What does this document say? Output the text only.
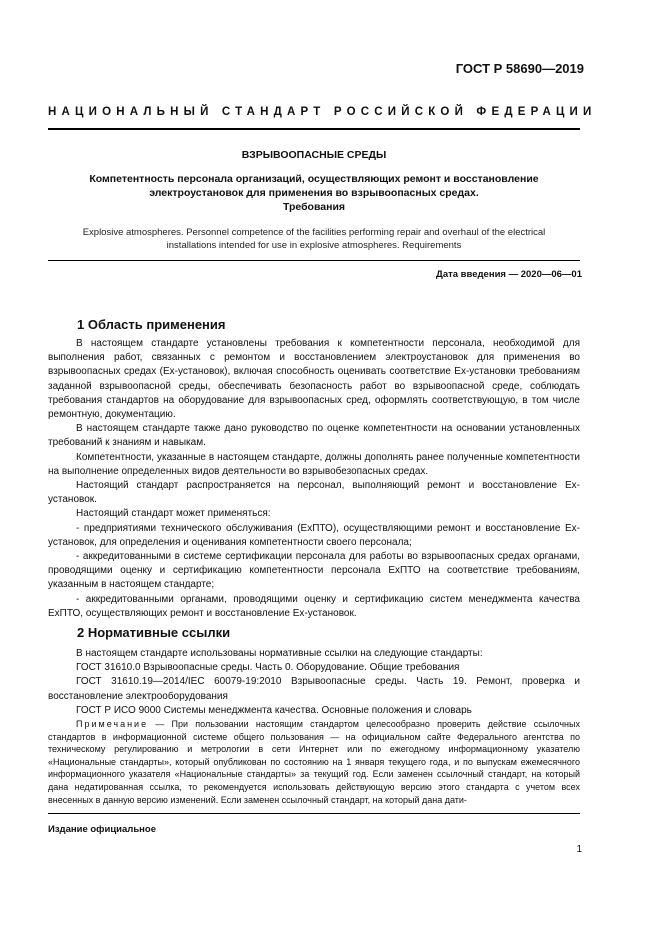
ГОСТ Р 58690—2019
НАЦИОНАЛЬНЫЙ СТАНДАРТ РОССИЙСКОЙ ФЕДЕРАЦИИ
ВЗРЫВООПАСНЫЕ СРЕДЫ
Компетентность персонала организаций, осуществляющих ремонт и восстановление
электроустановок для применения во взрывоопасных средах.
Требования
Explosive atmospheres. Personnel competence of the facilities performing repair and overhaul of the electrical
installations intended for use in explosive atmospheres. Requirements
Дата введения — 2020—06—01
1 Область применения

В настоящем стандарте установлены требования к компетентности персонала, необходимой для выполнения работ, связанных с ремонтом и восстановлением электроустановок для применения во взрывоопасных средах (Ex-установок), включая способность оценивать соответствие Ex-установки требованиям заданной взрывоопасной среды, обеспечивать безопасность работ во взрывоопасной среде, соблюдать требования стандартов на оборудование для взрывоопасных сред, оформлять соответствующую, в том числе ремонтную, документацию.

В настоящем стандарте также дано руководство по оценке компетентности на основании установленных требований к знаниям и навыкам.

Компетентности, указанные в настоящем стандарте, должны дополнять ранее полученные компетентности на выполнение определенных видов деятельности во взрывобезопасных средах.

Настоящий стандарт распространяется на персонал, выполняющий ремонт и восстановление Ex-установок.

Настоящий стандарт может применяться:

- предприятиями технического обслуживания (ExПТО), осуществляющими ремонт и восстановление Ex-установок, для определения и оценивания компетентности своего персонала;

- аккредитованными в системе сертификации персонала для работы во взрывоопасных средах органами, проводящими оценку и сертификацию компетентности персонала ExПТО на соответствие требованиям, указанным в настоящем стандарте;

- аккредитованными органами, проводящими оценку и сертификацию систем менеджмента качества ExПТО, осуществляющих ремонт и восстановление Ex-установок.

2 Нормативные ссылки

В настоящем стандарте использованы нормативные ссылки на следующие стандарты:

ГОСТ 31610.0 Взрывоопасные среды. Часть 0. Оборудование. Общие требования

ГОСТ 31610.19—2014/IEC 60079-19:2010 Взрывоопасные среды. Часть 19. Ремонт, проверка и восстановление электрооборудования

ГОСТ Р ИСО 9000 Системы менеджмента качества. Основные положения и словарь

Примечание — При пользовании настоящим стандартом целесообразно проверить действие ссылочных стандартов в информационной системе общего пользования — на официальном сайте Федерального агентства по техническому регулированию и метрологии в сети Интернет или по ежегодному информационному указателю «Национальные стандарты», который опубликован по состоянию на 1 января текущего года, и по выпускам ежемесячного информационного указателя «Национальные стандарты» за текущий год. Если заменен ссылочный стандарт, на который дана недатированная ссылка, то рекомендуется использовать действующую версию этого стандарта с учетом всех внесенных в данную версию изменений. Если заменен ссылочный стандарт, на который дана дати-
Издание официальное
1
